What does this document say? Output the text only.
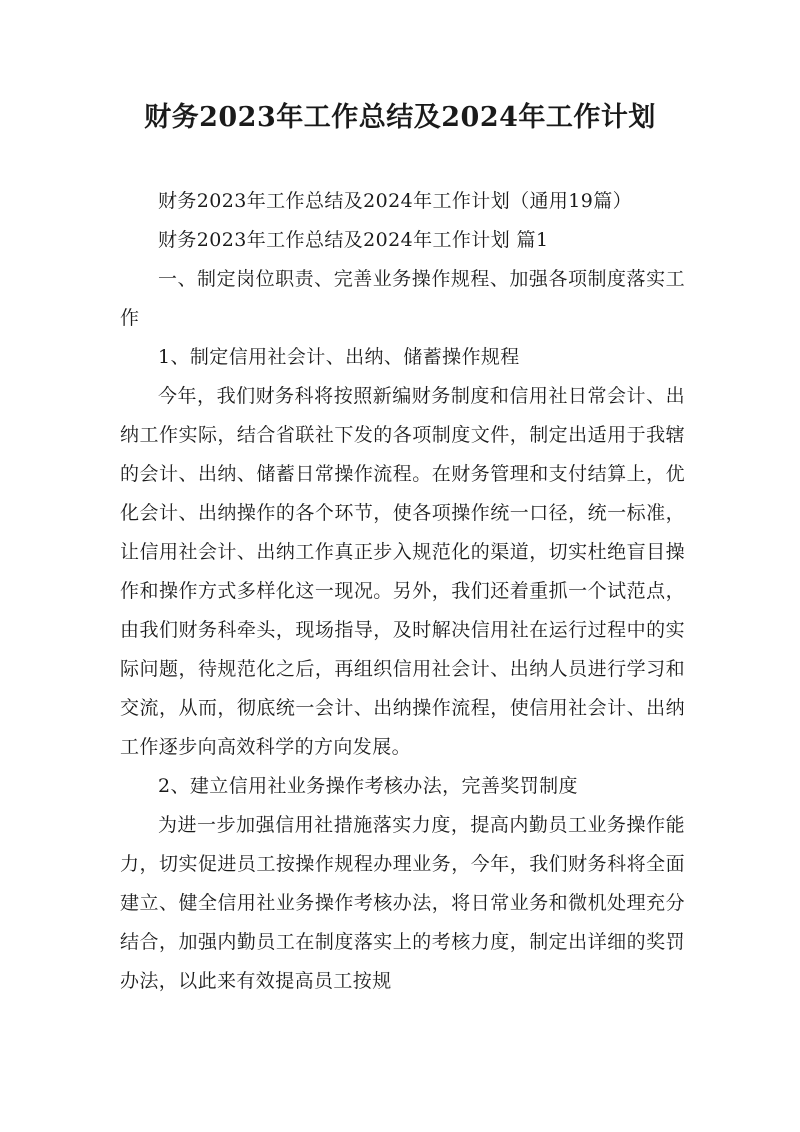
财务2023年工作总结及2024年工作计划

财务2023年工作总结及2024年工作计划（通用19篇）

财务2023年工作总结及2024年工作计划 篇1

一、制定岗位职责、完善业务操作规程、加强各项制度落实工作

1、制定信用社会计、出纳、储蓄操作规程

今年，我们财务科将按照新编财务制度和信用社日常会计、出纳工作实际，结合省联社下发的各项制度文件，制定出适用于我辖的会计、出纳、储蓄日常操作流程。在财务管理和支付结算上，优化会计、出纳操作的各个环节，使各项操作统一口径，统一标准，让信用社会计、出纳工作真正步入规范化的渠道，切实杜绝盲目操作和操作方式多样化这一现况。另外，我们还着重抓一个试范点，由我们财务科牵头，现场指导，及时解决信用社在运行过程中的实际问题，待规范化之后，再组织信用社会计、出纳人员进行学习和交流，从而，彻底统一会计、出纳操作流程，使信用社会计、出纳工作逐步向高效科学的方向发展。

2、建立信用社业务操作考核办法，完善奖罚制度

为进一步加强信用社措施落实力度，提高内勤员工业务操作能力，切实促进员工按操作规程办理业务，今年，我们财务科将全面建立、健全信用社业务操作考核办法，将日常业务和微机处理充分结合，加强内勤员工在制度落实上的考核力度，制定出详细的奖罚办法，以此来有效提高员工按规
